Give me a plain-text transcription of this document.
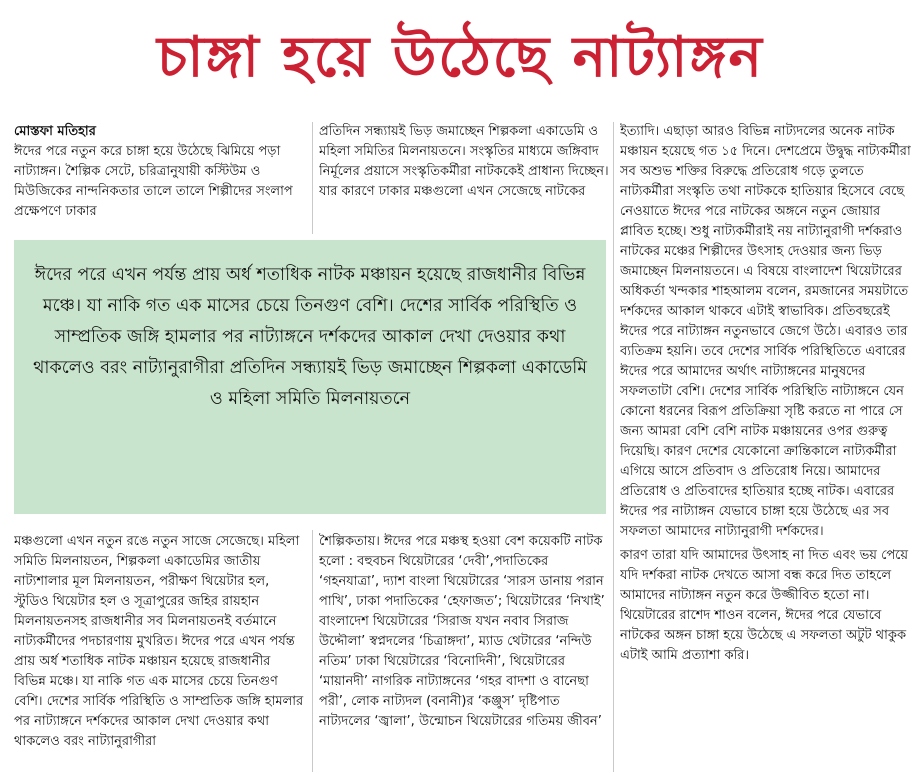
চাঙ্গা হয়ে উঠেছে নাট্যাঙ্গন
মোস্তফা মতিহার
ঈদের পরে নতুন করে চাঙ্গা হয়ে উঠেছে ঝিমিয়ে পড়া নাট্যাঙ্গন। শৈল্পিক সেটে, চরিত্রানুযায়ী কস্টিউম ও মিউজিকের নান্দনিকতার তালে তালে শিল্পীদের সংলাপ প্রক্ষেপণে ঢাকার
প্রতিদিন সন্ধ্যায়ই ভিড় জমাচ্ছেন শিল্পকলা একাডেমি ও মহিলা সমিতির মিলনায়তনে। সংস্কৃতির মাধ্যমে জঙ্গিবাদ নির্মূলের প্রয়াসে সংস্কৃতিকর্মীরা নাটককেই প্রাধান্য দিচ্ছেন। যার কারণে ঢাকার মঞ্চগুলো এখন সেজেছে নাটকের
ঈদের পরে এখন পর্যন্ত প্রায় অর্ধ শতাধিক নাটক মঞ্চায়ন হয়েছে রাজধানীর বিভিন্ন মঞ্চে। যা নাকি গত এক মাসের চেয়ে তিনগুণ বেশি। দেশের সার্বিক পরিস্থিতি ও সাম্প্রতিক জঙ্গি হামলার পর নাট্যাঙ্গনে দর্শকদের আকাল দেখা দেওয়ার কথা থাকলেও বরং নাট্যানুরাগীরা প্রতিদিন সন্ধ্যায়ই ভিড় জমাচ্ছেন শিল্পকলা একাডেমি ও মহিলা সমিতি মিলনায়তনে
মঞ্চগুলো এখন নতুন রঙে নতুন সাজে সেজেছে। মহিলা সমিতি মিলনায়তন, শিল্পকলা একাডেমির জাতীয় নাট্যশালার মূল মিলনায়তন, পরীক্ষণ থিয়েটার হল, স্টুডিও থিয়েটার হল ও সূত্রাপুরের জহির রায়হান মিলনায়তনসহ রাজধানীর সব মিলনায়তনই বর্তমানে নাট্যকর্মীদের পদচারণায় মুখরিত। ঈদের পরে এখন পর্যন্ত প্রায় অর্ধ শতাধিক নাটক মঞ্চায়ন হয়েছে রাজধানীর বিভিন্ন মঞ্চে। যা নাকি গত এক মাসের চেয়ে তিনগুণ বেশি। দেশের সার্বিক পরিস্থিতি ও সাম্প্রতিক জঙ্গি হামলার পর নাট্যাঙ্গনে দর্শকদের আকাল দেখা দেওয়ার কথা থাকলেও বরং নাট্যানুরাগীরা
শৈল্পিকতায়। ঈদের পরে মঞ্চস্থ হওয়া বেশ কয়েকটি নাটক হলো : বহুবচন থিয়েটারের ‘দেবী’,পদাতিকের ‘গহনযাত্রা’, দ্যাশ বাংলা থিয়েটারের ‘সারস ডানায় পরান পাখি’, ঢাকা পদাতিকের ‘হেফাজত’; থিয়েটারের ‘নিখাই’ বাংলাদেশ থিয়েটারের ‘সিরাজ যখন নবাব সিরাজ উদ্দৌলা’ স্বপ্নদলের ‘চিত্রাঙ্গদা’, ম্যাড থেটারের ‘নন্দিউ নতিম’ ঢাকা থিয়েটারের ‘বিনোদিনী’, থিয়েটারের ‘মায়ানদী’ নাগরিক নাট্যাঙ্গনের ‘গহর বাদশা ও বানেছা পরী’, লোক নাট্যদল (বনানী)র ‘কঞ্জুস’ দৃষ্টিপাত নাট্যদলের ‘জ্বালা’, উন্মোচন থিয়েটারের গতিময় জীবন’
ইত্যাদি। এছাড়া আরও বিভিন্ন নাট্যদলের অনেক নাটক মঞ্চায়ন হয়েছে গত ১৫ দিনে। দেশপ্রেমে উদ্বুদ্ধ নাট্যকর্মীরা সব অশুভ শক্তির বিরুদ্ধে প্রতিরোধ গড়ে তুলতে নাট্যকর্মীরা সংস্কৃতি তথা নাটককে হাতিয়ার হিসেবে বেছে নেওয়াতে ঈদের পরে নাটকের অঙ্গনে নতুন জোয়ার প্লাবিত হচ্ছে। শুধু নাট্যকর্মীরাই নয় নাট্যানুরাগী দর্শকরাও নাটকের মঞ্চের শিল্পীদের উৎসাহ দেওয়ার জন্য ভিড় জমাচ্ছেন মিলনায়তনে। এ বিষয়ে বাংলাদেশ থিয়েটারের অধিকর্তা খন্দকার শাহআলম বলেন, রমজানের সময়টাতে দর্শকদের আকাল থাকবে এটাই স্বাভাবিক। প্রতিবছরেই ঈদের পরে নাট্যাঙ্গন নতুনভাবে জেগে উঠে। এবারও তার ব্যতিক্রম হয়নি। তবে দেশের সার্বিক পরিস্থিতিতে এবারের ঈদের পরে আমাদের অর্থাৎ নাট্যাঙ্গনের মানুষদের সফলতাটা বেশি। দেশের সার্বিক পরিস্থিতি নাট্যাঙ্গনে যেন কোনো ধরনের বিরূপ প্রতিক্রিয়া সৃষ্টি করতে না পারে সে জন্য আমরা বেশি বেশি নাটক মঞ্চায়নের ওপর গুরুত্ব দিয়েছি। কারণ দেশের যেকোনো ক্রান্তিকালে নাট্যকর্মীরা এগিয়ে আসে প্রতিবাদ ও প্রতিরোধ নিয়ে। আমাদের প্রতিরোধ ও প্রতিবাদের হাতিয়ার হচ্ছে নাটক। এবারের ঈদের পর নাট্যাঙ্গন যেভাবে চাঙ্গা হয়ে উঠেছে এর সব সফলতা আমাদের নাট্যানুরাগী দর্শকদের।
কারণ তারা যদি আমাদের উৎসাহ না দিত এবং ভয় পেয়ে যদি দর্শকরা নাটক দেখতে আসা বন্ধ করে দিত তাহলে আমাদের নাট্যাঙ্গন নতুন করে উজ্জীবিত হতো না। থিয়েটারের রাশেদ শাওন বলেন, ঈদের পরে যেভাবে নাটকের অঙ্গন চাঙ্গা হয়ে উঠেছে এ সফলতা অটুট থাকুক এটাই আমি প্রত্যাশা করি।
